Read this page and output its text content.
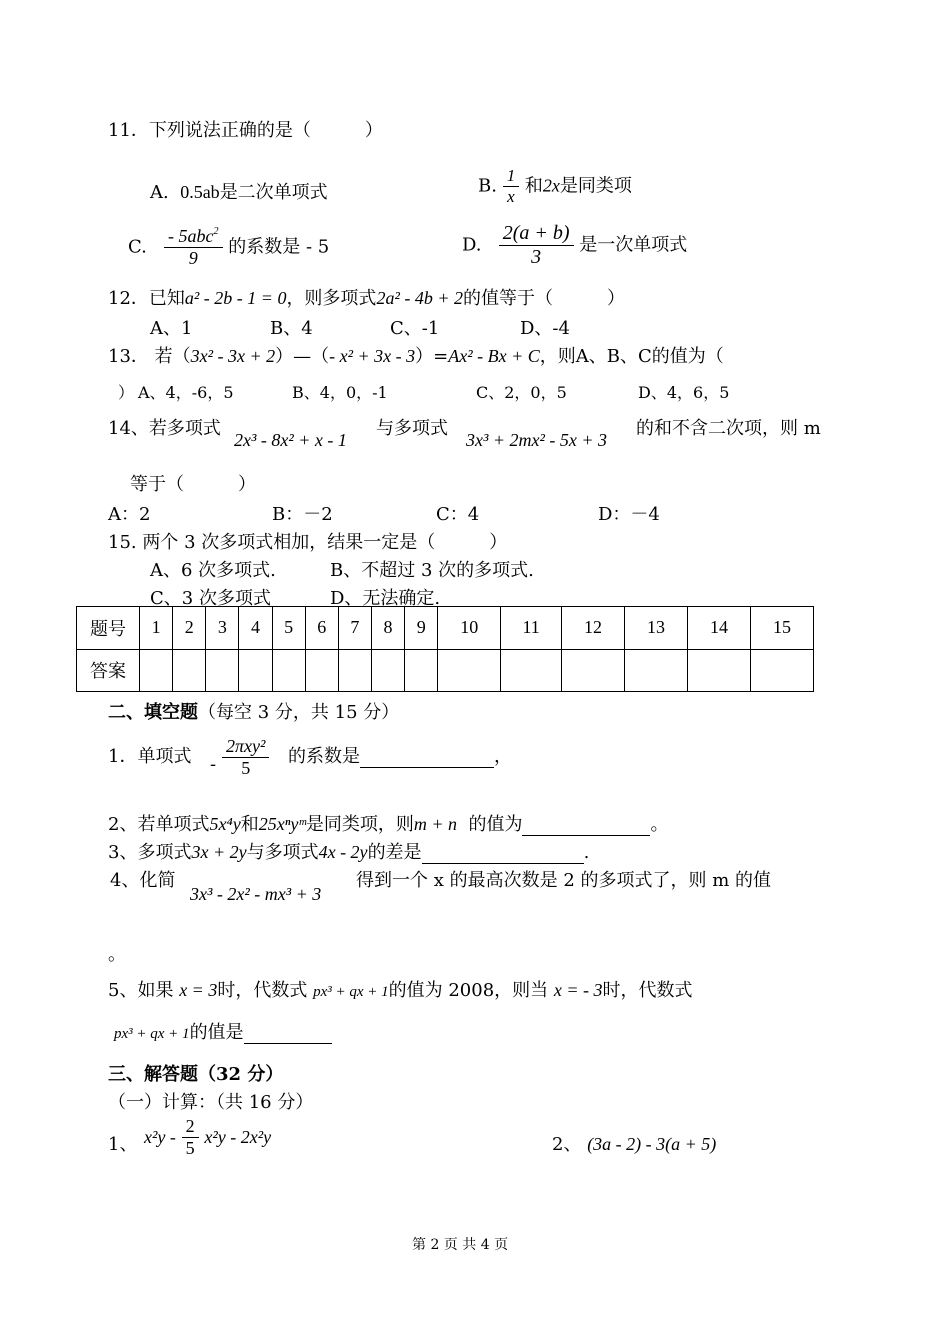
11．下列说法正确的是（　　　）
A. 0.5ab是二次单项式	B. $\frac{1}{x}$ 和2x是同类项
C. $\frac{- 5abc^2}{9}$ 的系数是 - 5	D. $\frac{2(a + b)}{3}$ 是一次单项式
12．已知a² - 2b - 1 = 0，则多项式2a² - 4b + 2的值等于（　　　）
A、1	B、4	C、-1	D、-4
13． 若（3x² - 3x + 2）—（- x² + 3x - 3）=Ax² - Bx + C，则A、B、C的值为（
） A、4，-6，5	B、4，0，-1	C、2，0，5	D、4，6，5
14、若多项式
2x³ - 8x² + x - 1
与多项式
3x³ + 2mx² - 5x + 3
的和不含二次项，则 m
等于（　　　）
A：2	B：－2	C：4	D：－4
15. 两个 3 次多项式相加，结果一定是（　　　）
A、6 次多项式.	B、不超过 3 次的多项式.
C、3 次多项式	D、无法确定.
题号	1	2	3	4	5	6	7	8	9	10	11	12	13	14	15
答案															
二、填空题（每空 3 分，共 15 分）
1．单项式 - $\frac{\text{2πxy²}}{5}$ 的系数是	，
2、若单项式5x⁴y和25xⁿyᵐ是同类项，则m + n 的值为	。
3、多项式3x + 2y与多项式4x - 2y的差是	.
4、化简
3x³ - 2x² - mx³ + 3
得到一个 x 的最高次数是 2 的多项式了，则 m 的值
。
5、如果 x = 3时，代数式 px³ + qx + 1的值为 2008，则当 x = - 3时，代数式
px³ + qx + 1的值是
三、解答题（32 分）
（一）计算：（共 16 分）
1、 $x^2y - \frac{2}{5} x^2y - 2x^2y$	2、 (3a - 2) - 3(a + 5)
第 2 页 共 4 页
